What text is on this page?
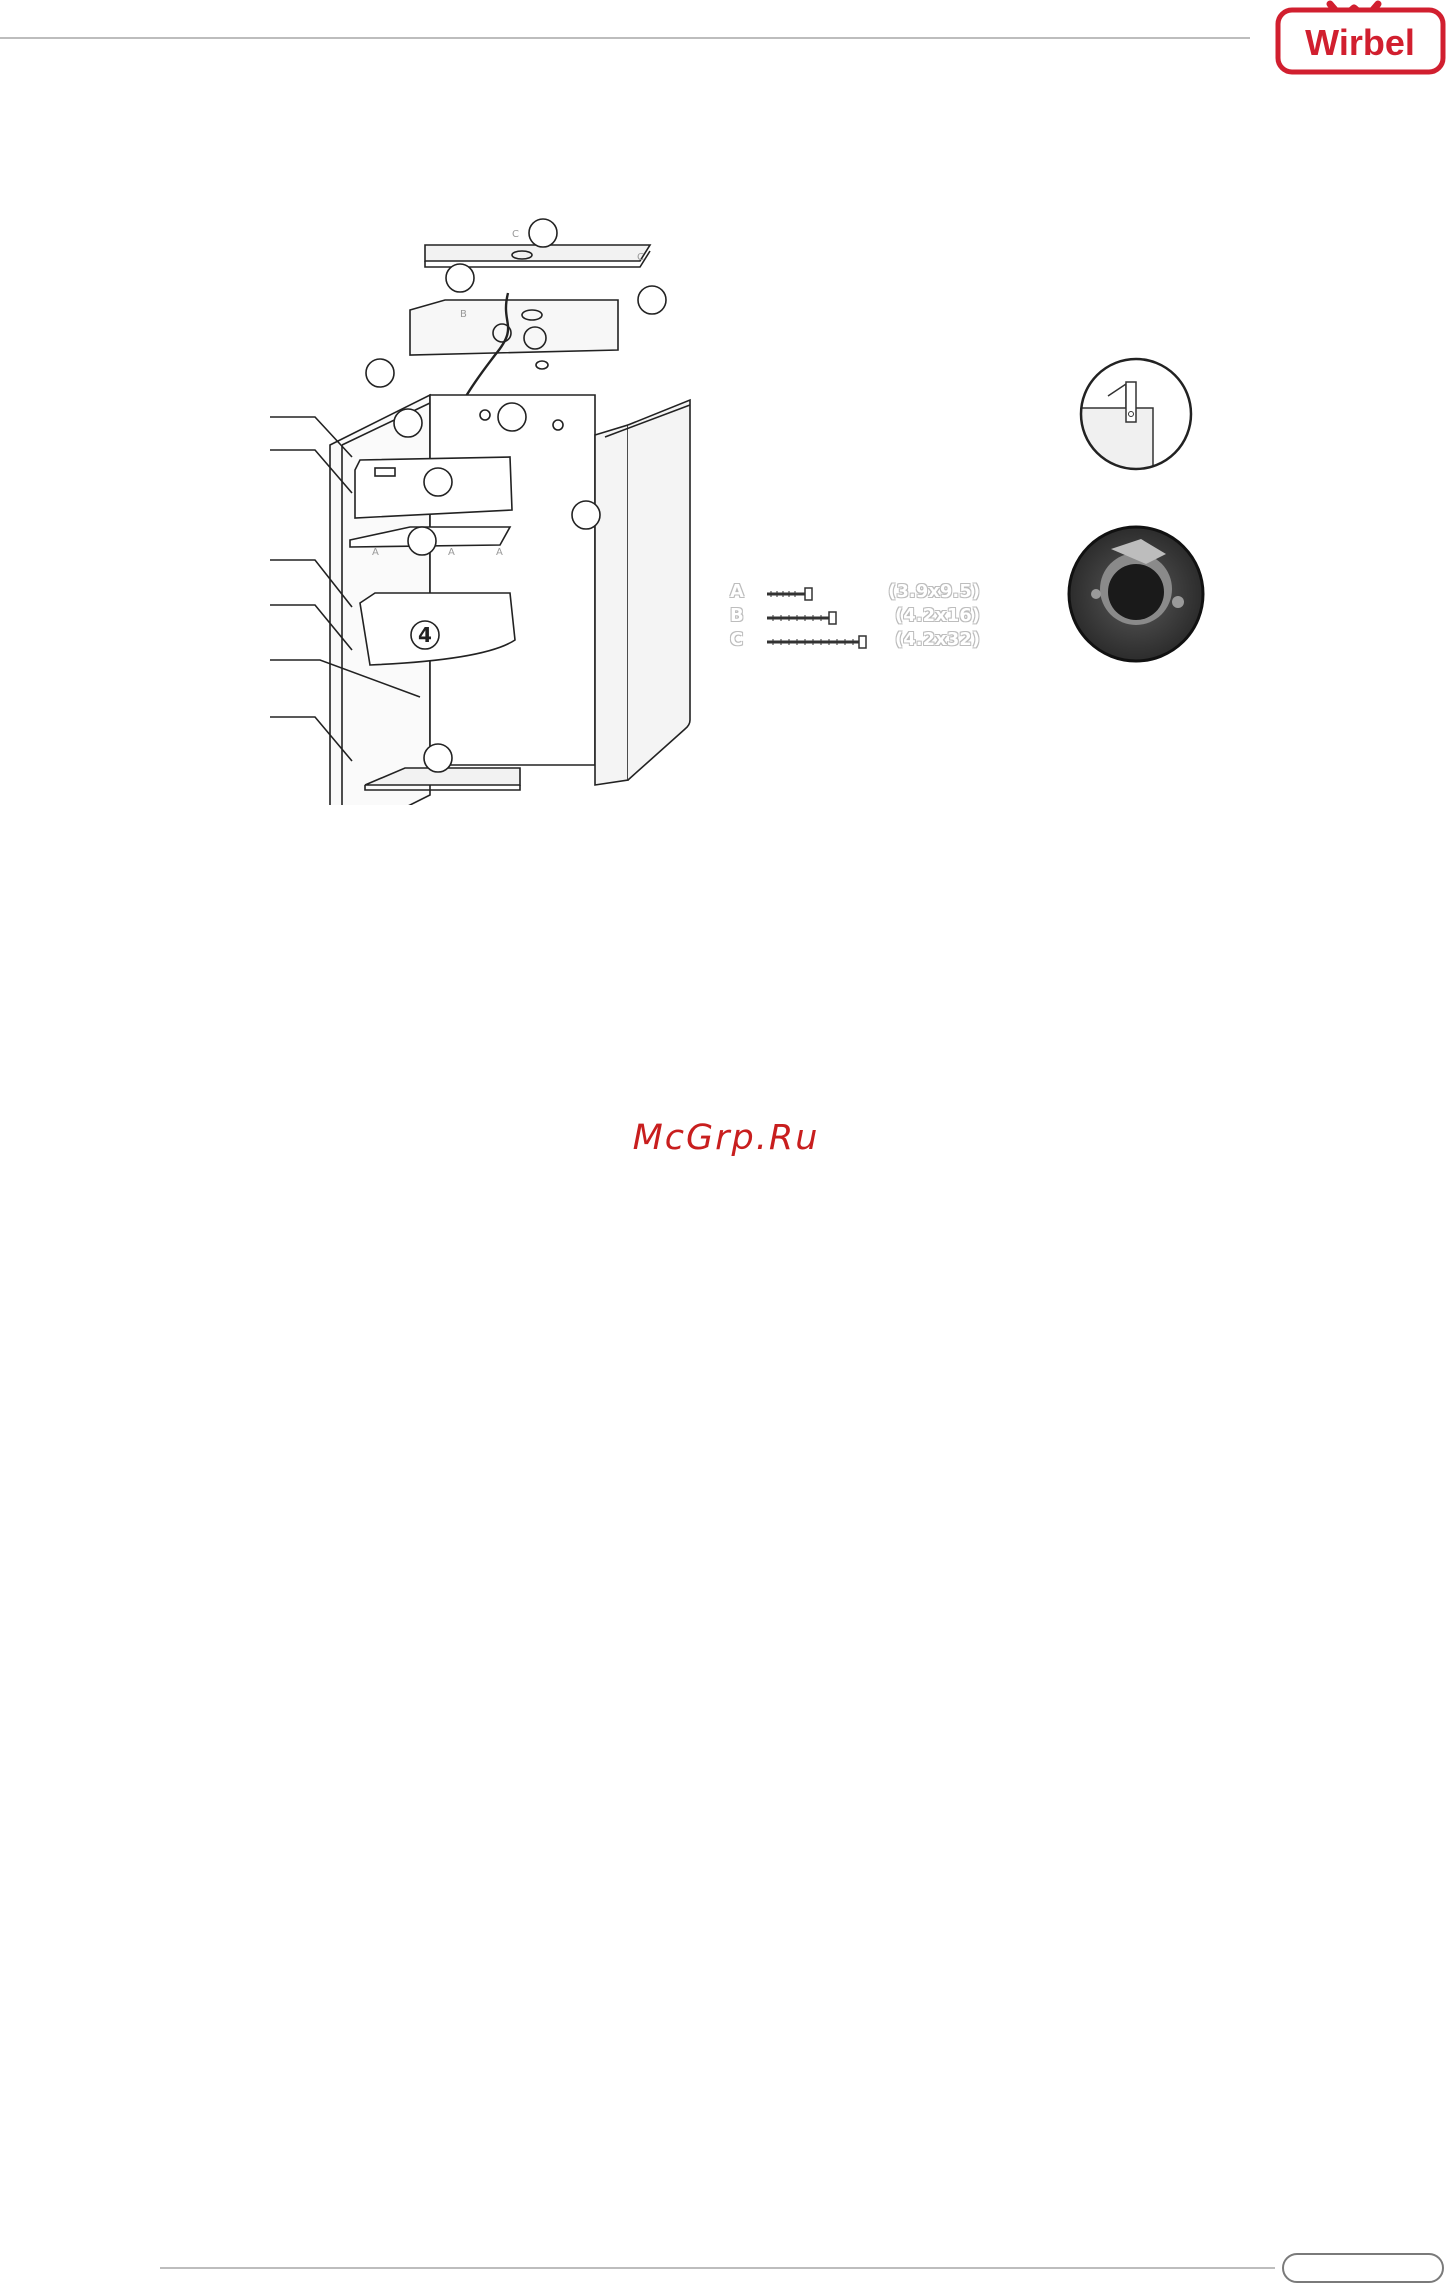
Wirbel
4
A	A	A
B
C
C
A
B
C
(3.9x9.5)
(4.2x16)
(4.2x32)
McGrp.Ru
